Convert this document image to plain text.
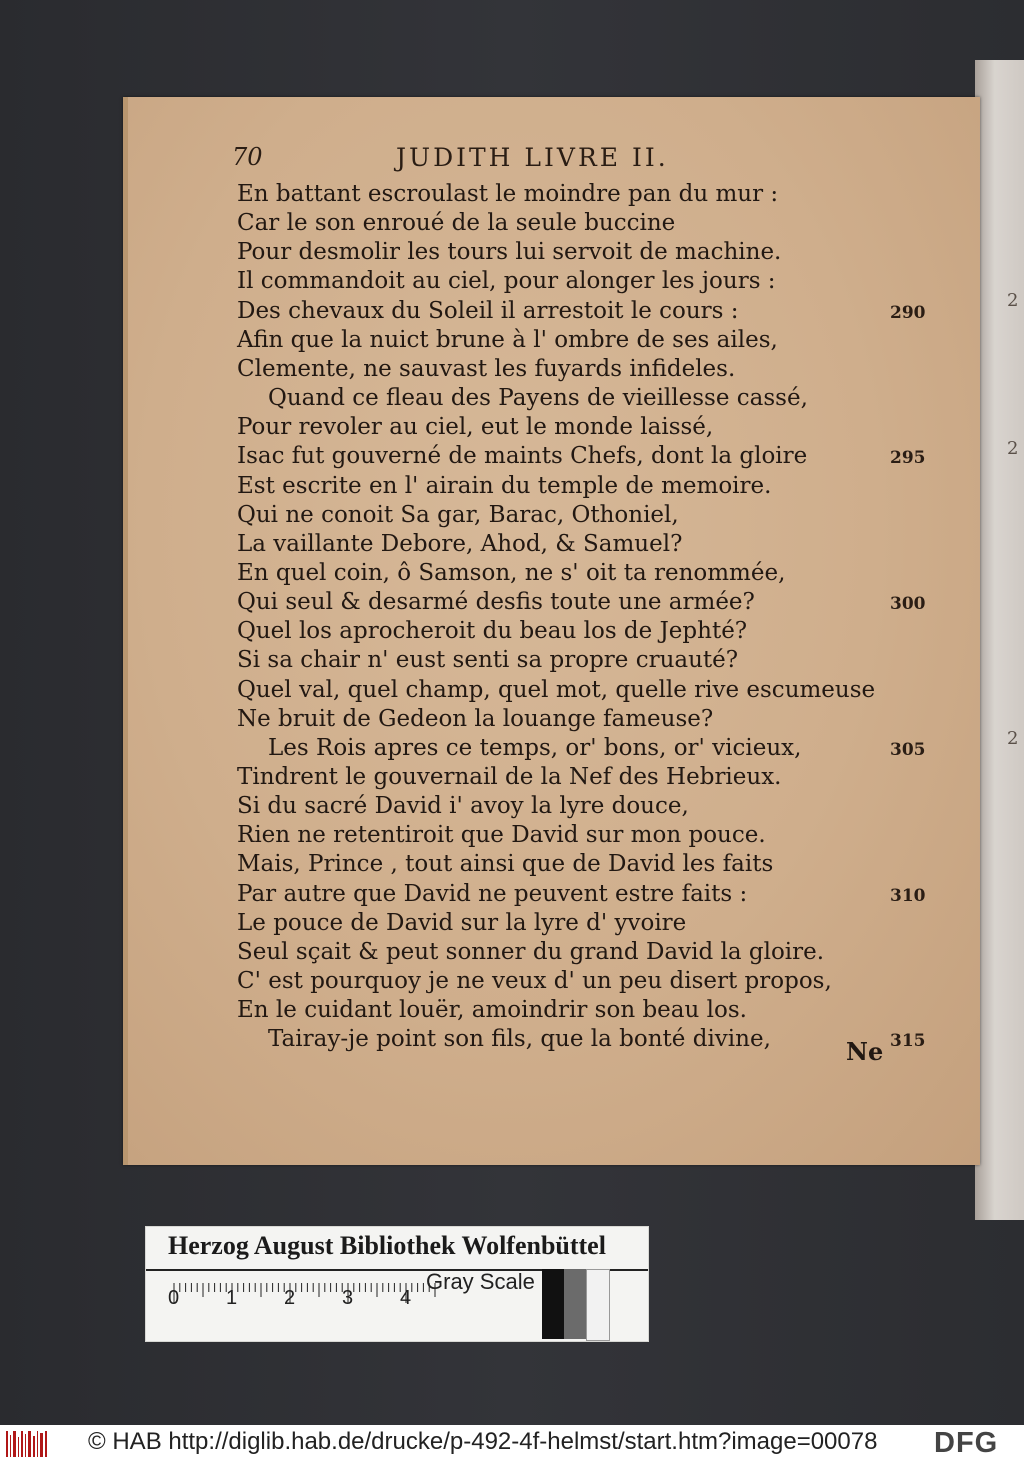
2
2
2
70	JUDITH LIVRE II.
En battant escroulast le moindre pan du mur :
Car le son enroué de la seule buccine
Pour desmolir les tours lui servoit de machine.
Il commandoit au ciel, pour alonger les jours :
Des chevaux du Soleil il arrestoit le cours :	290
Afin que la nuict brune à l' ombre de ses ailes,
Clemente, ne sauvast les fuyards infideles.
Quand ce fleau des Payens de vieillesse cassé,
Pour revoler au ciel, eut le monde laissé,
Isac fut gouverné de maints Chefs, dont la gloire	295
Est escrite en l' airain du temple de memoire.
Qui ne conoit Sa gar, Barac, Othoniel,
La vaillante Debore, Ahod, & Samuel?
En quel coin, ô Samson, ne s' oit ta renommée,
Qui seul & desarmé desfis toute une armée?	300
Quel los aprocheroit du beau los de Jephté?
Si sa chair n' eust senti sa propre cruauté?
Quel val, quel champ, quel mot, quelle rive escumeuse
Ne bruit de Gedeon la louange fameuse?
Les Rois apres ce temps, or' bons, or' vicieux,	305
Tindrent le gouvernail de la Nef des Hebrieux.
Si du sacré David i' avoy la lyre douce,
Rien ne retentiroit que David sur mon pouce.
Mais, Prince , tout ainsi que de David les faits
Par autre que David ne peuvent estre faits :	310
Le pouce de David sur la lyre d' yvoire
Seul sçait & peut sonner du grand David la gloire.
C' est pourquoy je ne veux d' un peu disert propos,
En le cuidant louër, amoindrir son beau los.
Tairay-je point son fils, que la bonté divine,	315
Ne
Herzog August Bibliothek Wolfenbüttel
Gray Scale
0 1 2 3 4
© HAB http://diglib.hab.de/drucke/p-492-4f-helmst/start.htm?image=00078 DFG
